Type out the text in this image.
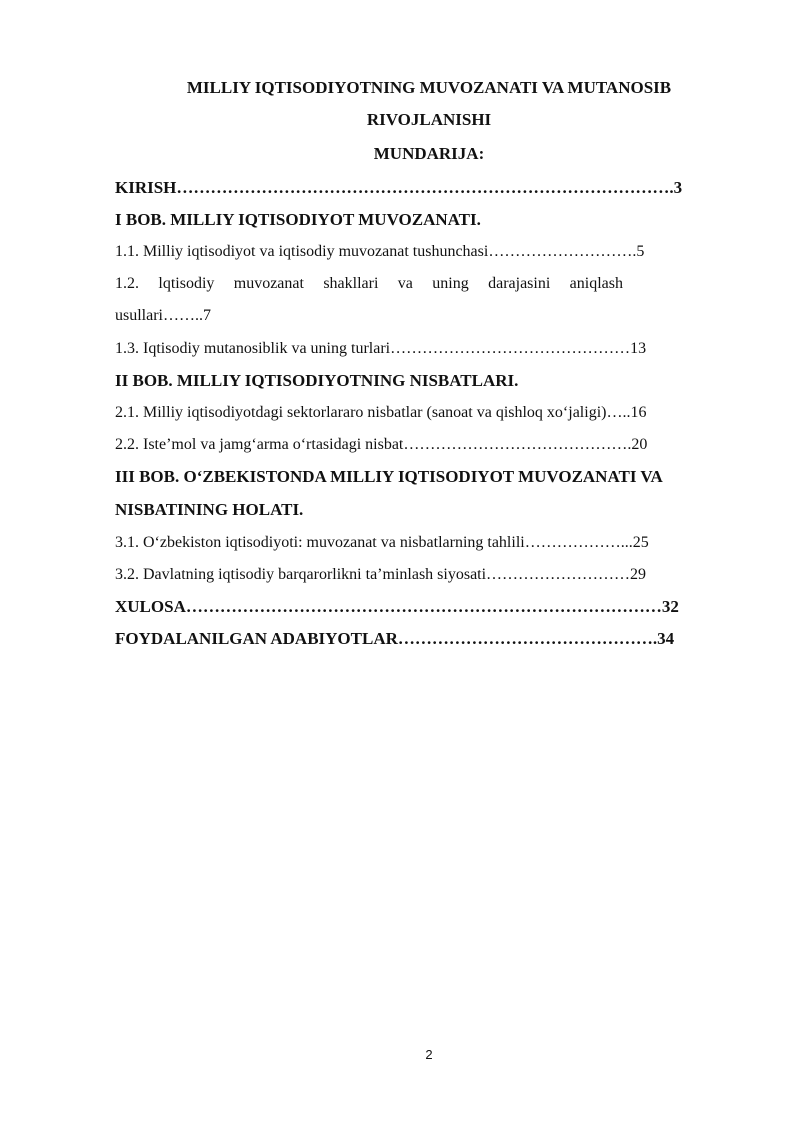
MILLIY IQTISODIYOTNING MUVOZANATI VA MUTANOSIB

RIVOJLANISHI

MUNDARIJA:

KIRISH…………………………………………………………………………….3

I BOB. MILLIY IQTISODIYOT MUVOZANATI.

1.1. Milliy iqtisodiyot va iqtisodiy muvozanat tushunchasi……………………….5

1.2. lqtisodiy muvozanat shakllari va uning darajasini aniqlash

usullari……..7

1.3. Iqtisodiy mutanosiblik va uning turlari………………………………………13

II BOB. MILLIY IQTISODIYOTNING NISBATLARI.

2.1. Milliy iqtisodiyotdagi sektorlararo nisbatlar (sanoat va qishloq xo‘jaligi)…..16

2.2. Iste’mol va jamg‘arma o‘rtasidagi nisbat…………………………………….20

III BOB. O‘ZBEKISTONDA MILLIY IQTISODIYOT MUVOZANATI VA

NISBATINING HOLATI.

3.1. O‘zbekiston iqtisodiyoti: muvozanat va nisbatlarning tahlili………………...25

3.2. Davlatning iqtisodiy barqarorlikni ta’minlash siyosati………………………29

XULOSA…………………………………………………………………………32

FOYDALANILGAN ADABIYOTLAR……………………………………….34

2
